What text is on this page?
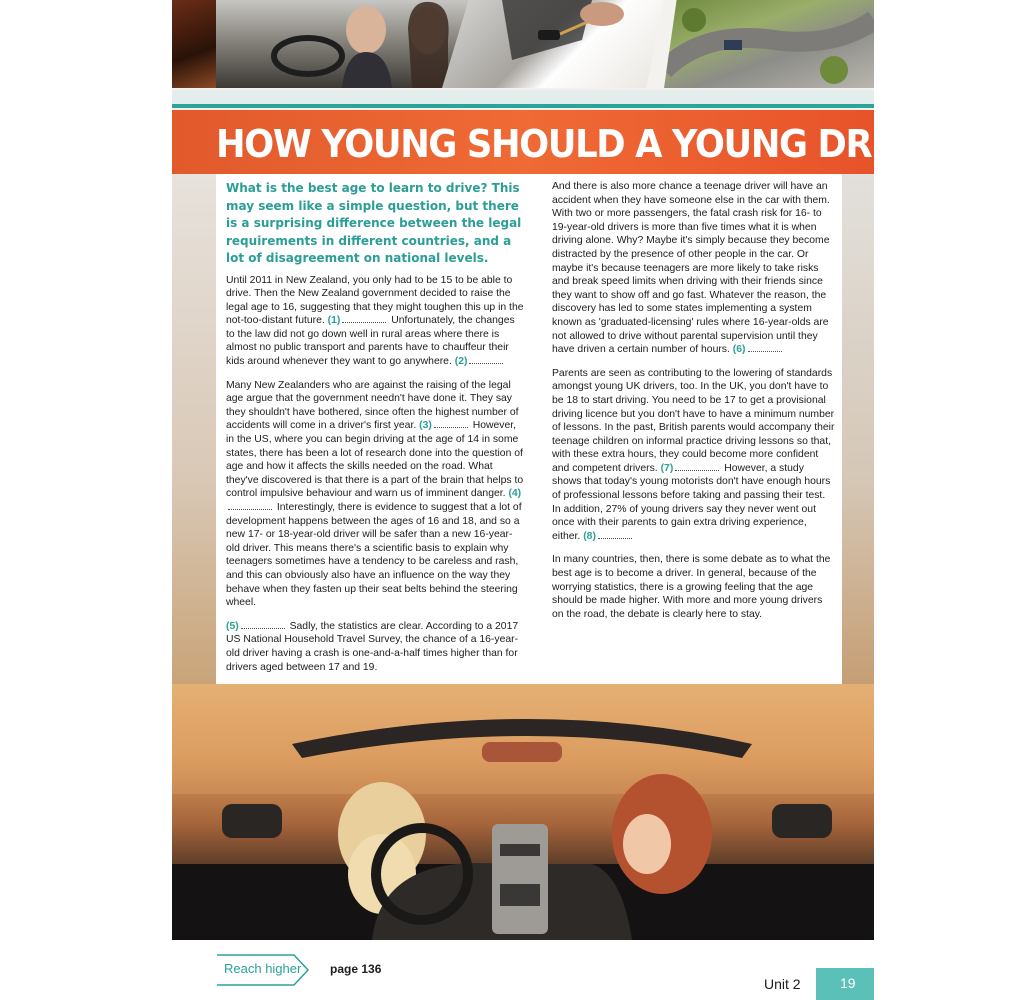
HOW YOUNG SHOULD A YOUNG DRIVER BE?

What is the best age to learn to drive? This may seem like a simple question, but there is a surprising difference between the legal requirements in different countries, and a lot of disagreement on national levels.

Until 2011 in New Zealand, you only had to be 15 to be able to drive. Then the New Zealand government decided to raise the legal age to 16, suggesting that they might toughen this up in the not-too-distant future. (1)	Unfortunately, the changes to the law did not go down well in rural areas where there is almost no public transport and parents have to chauffeur their kids around whenever they want to go anywhere. (2)

Many New Zealanders who are against the raising of the legal age argue that the government needn't have done it. They say they shouldn't have bothered, since often the highest number of accidents will come in a driver's first year. (3)	However, in the US, where you can begin driving at the age of 14 in some states, there has been a lot of research done into the question of age and how it affects the skills needed on the road. What they've discovered is that there is a part of the brain that helps to control impulsive behaviour and warn us of imminent danger. (4) Interestingly, there is evidence to suggest that a lot of development happens between the ages of 16 and 18, and so a new 17- or 18-year-old driver will be safer than a new 16-year-old driver. This means there's a scientific basis to explain why teenagers sometimes have a tendency to be careless and rash, and this can obviously also have an influence on the way they behave when they fasten up their seat belts behind the steering wheel.

(5)	Sadly, the statistics are clear. According to a 2017 US National Household Travel Survey, the chance of a 16-year-old driver having a crash is one-and-a-half times higher than for drivers aged between 17 and 19.

And there is also more chance a teenage driver will have an accident when they have someone else in the car with them. With two or more passengers, the fatal crash risk for 16- to 19-year-old drivers is more than five times what it is when driving alone. Why? Maybe it's simply because they become distracted by the presence of other people in the car. Or maybe it's because teenagers are more likely to take risks and break speed limits when driving with their friends since they want to show off and go fast. Whatever the reason, the discovery has led to some states implementing a system known as 'graduated-licensing' rules where 16-year-olds are not allowed to drive without parental supervision until they have driven a certain number of hours. (6)

Parents are seen as contributing to the lowering of standards amongst young UK drivers, too. In the UK, you don't have to be 18 to start driving. You need to be 17 to get a provisional driving licence but you don't have to have a minimum number of lessons. In the past, British parents would accompany their teenage children on informal practice driving lessons so that, with these extra hours, they could become more confident and competent drivers. (7)	However, a study shows that today's young motorists don't have enough hours of professional lessons before taking and passing their test. In addition, 27% of young drivers say they never went out once with their parents to gain extra driving experience, either. (8)

In many countries, then, there is some debate as to what the best age is to become a driver. In general, because of the worrying statistics, there is a growing feeling that the age should be made higher. With more and more young drivers on the road, the debate is clearly here to stay.

Reach higher page 136
Unit 2	19
